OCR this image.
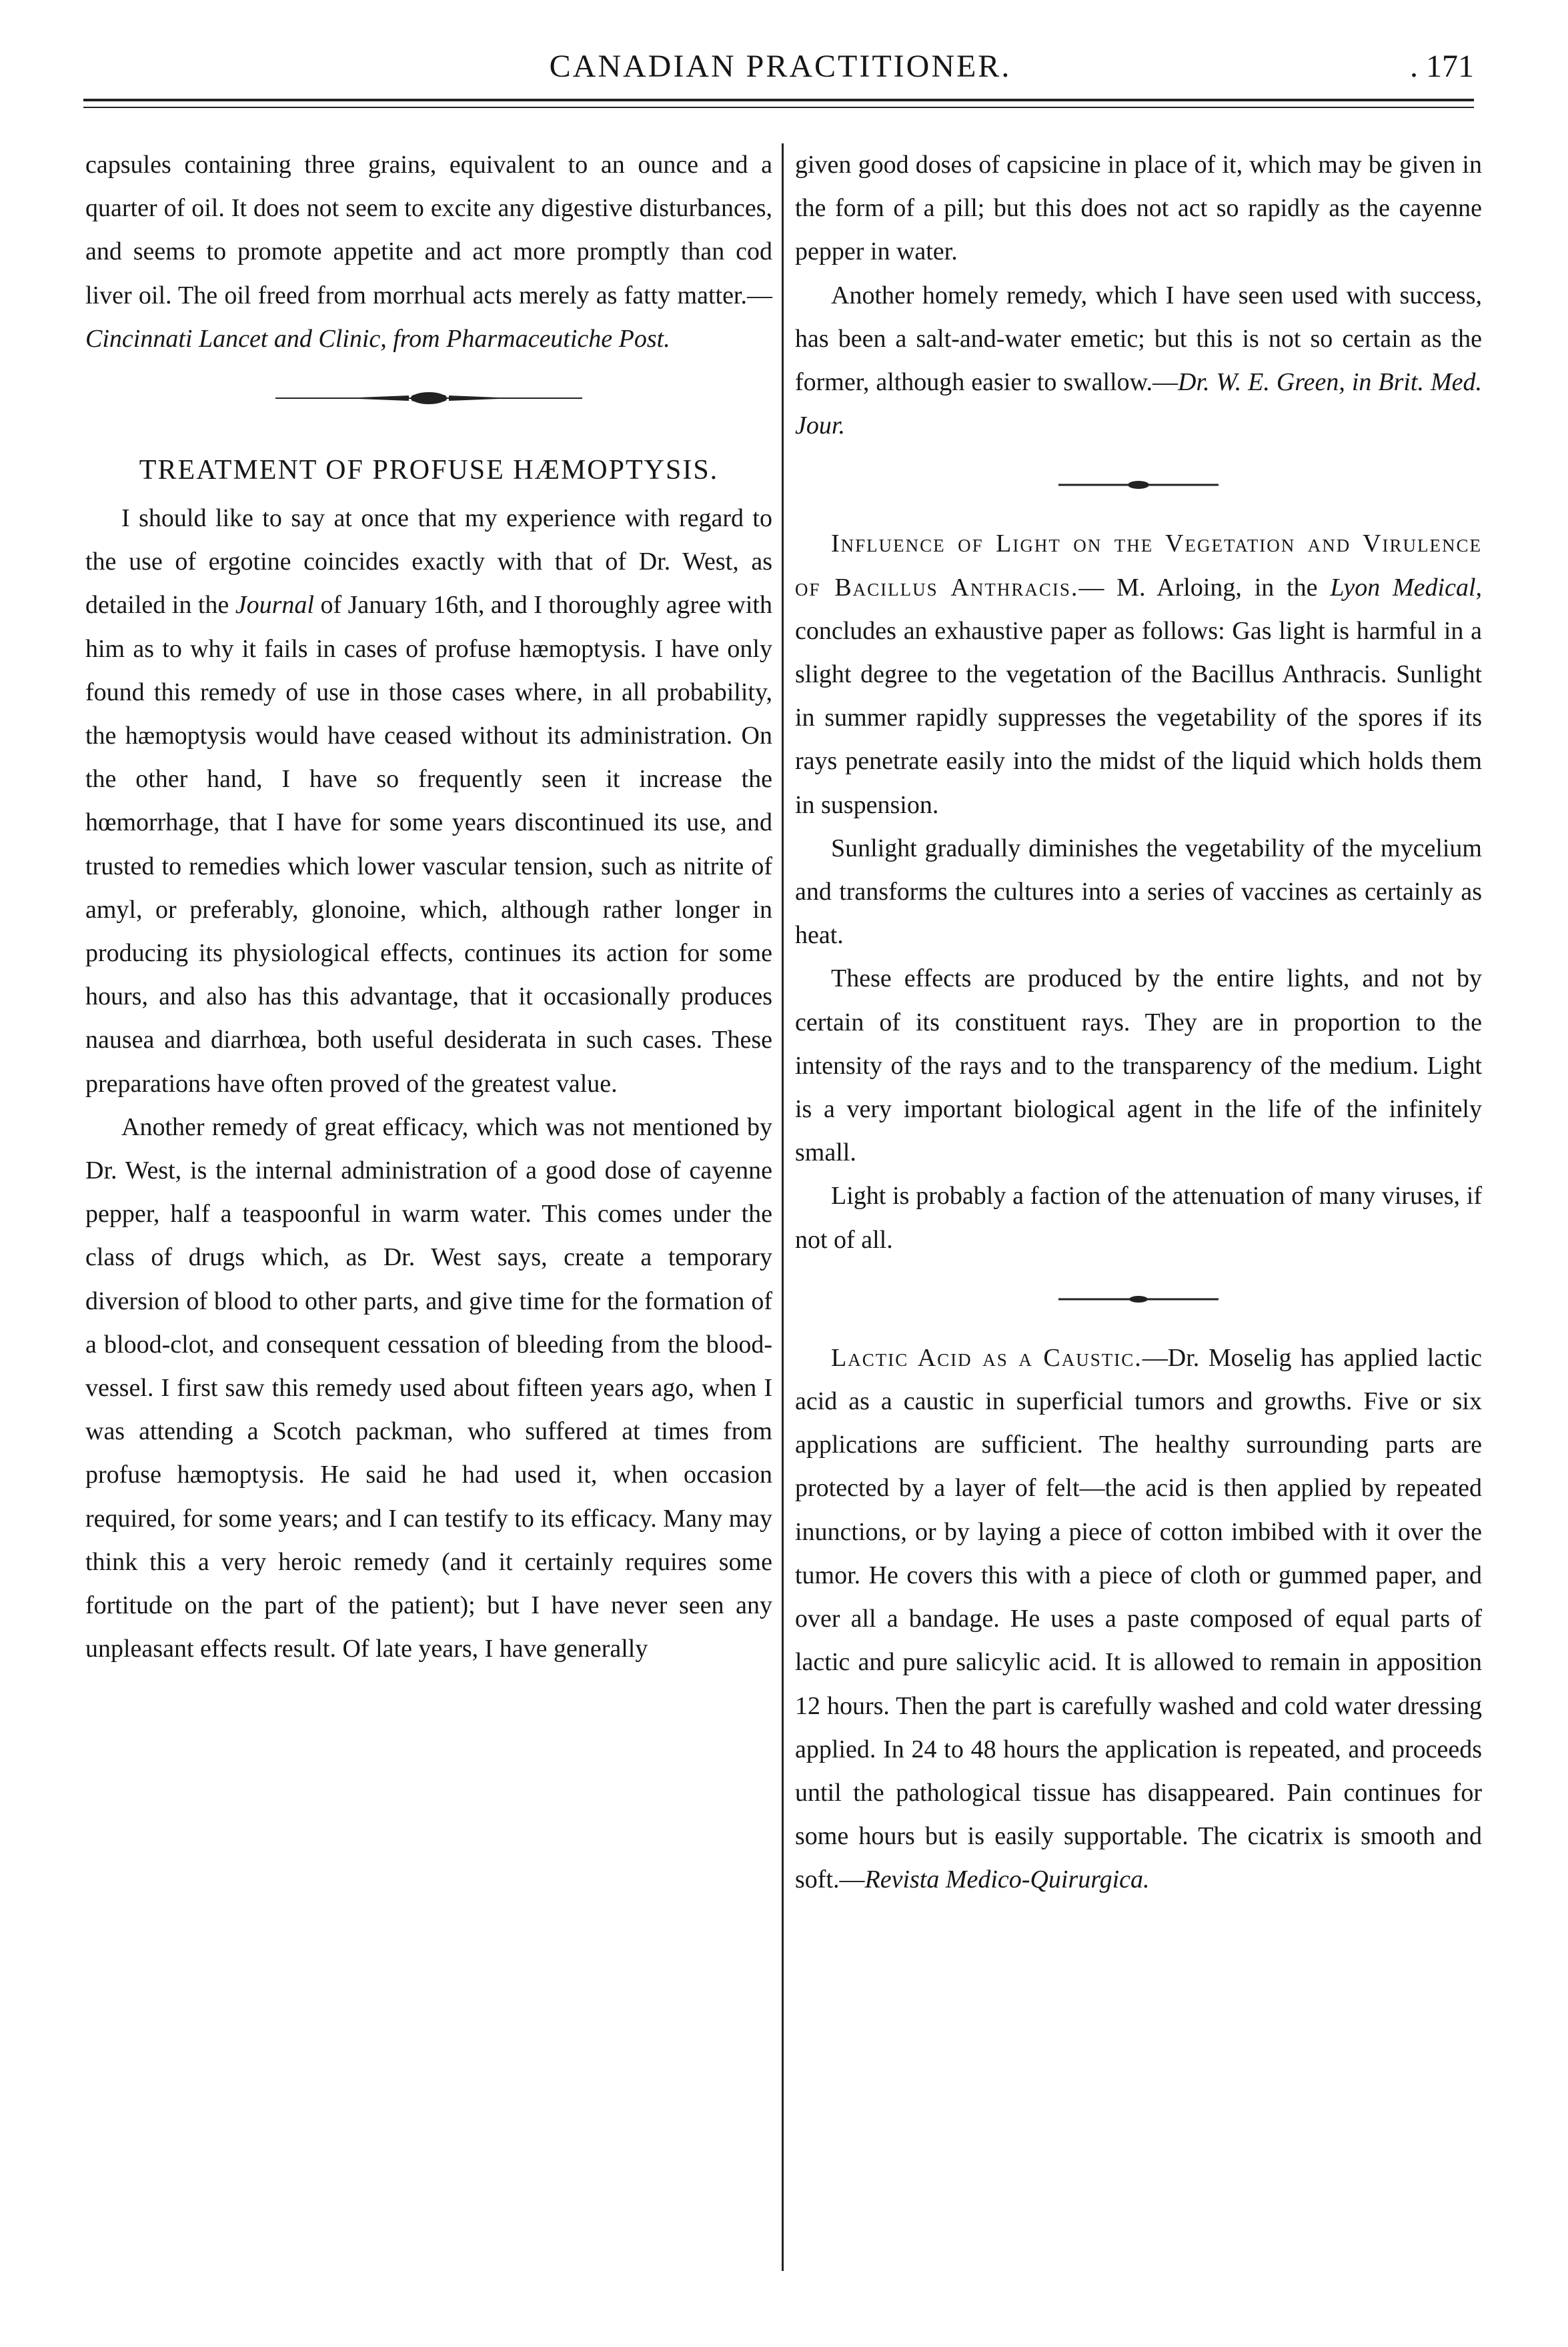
CANADIAN PRACTITIONER.	. 171

capsules containing three grains, equivalent to an ounce and a quarter of oil. It does not seem to excite any digestive disturbances, and seems to promote appetite and act more promptly than cod liver oil. The oil freed from morrhual acts merely as fatty matter.—Cincinnati Lancet and Clinic, from Pharmaceutiche Post.

TREATMENT OF PROFUSE HÆMOPTYSIS.

I should like to say at once that my experience with regard to the use of ergotine coincides exactly with that of Dr. West, as detailed in the Journal of January 16th, and I thoroughly agree with him as to why it fails in cases of profuse hæmoptysis. I have only found this remedy of use in those cases where, in all probability, the hæmoptysis would have ceased without its administration. On the other hand, I have so frequently seen it increase the hœmorrhage, that I have for some years discontinued its use, and trusted to remedies which lower vascular tension, such as nitrite of amyl, or preferably, glonoine, which, although rather longer in producing its physiological effects, continues its action for some hours, and also has this advantage, that it occasionally produces nausea and diarrhœa, both useful desiderata in such cases. These preparations have often proved of the greatest value.

Another remedy of great efficacy, which was not mentioned by Dr. West, is the internal administration of a good dose of cayenne pepper, half a teaspoonful in warm water. This comes under the class of drugs which, as Dr. West says, create a temporary diversion of blood to other parts, and give time for the formation of a blood-clot, and consequent cessation of bleeding from the blood-vessel. I first saw this remedy used about fifteen years ago, when I was attending a Scotch packman, who suffered at times from profuse hæmoptysis. He said he had used it, when occasion required, for some years; and I can testify to its efficacy. Many may think this a very heroic remedy (and it certainly requires some fortitude on the part of the patient); but I have never seen any unpleasant effects result. Of late years, I have generally

given good doses of capsicine in place of it, which may be given in the form of a pill; but this does not act so rapidly as the cayenne pepper in water.

Another homely remedy, which I have seen used with success, has been a salt-and-water emetic; but this is not so certain as the former, although easier to swallow.—Dr. W. E. Green, in Brit. Med. Jour.

Influence of Light on the Vegetation and Virulence of Bacillus Anthracis.— M. Arloing, in the Lyon Medical, concludes an exhaustive paper as follows: Gas light is harmful in a slight degree to the vegetation of the Bacillus Anthracis. Sunlight in summer rapidly suppresses the vegetability of the spores if its rays penetrate easily into the midst of the liquid which holds them in suspension.

Sunlight gradually diminishes the vegetability of the mycelium and transforms the cultures into a series of vaccines as certainly as heat.

These effects are produced by the entire lights, and not by certain of its constituent rays. They are in proportion to the intensity of the rays and to the transparency of the medium. Light is a very important biological agent in the life of the infinitely small.

Light is probably a faction of the attenuation of many viruses, if not of all.

Lactic Acid as a Caustic.—Dr. Moselig has applied lactic acid as a caustic in superficial tumors and growths. Five or six applications are sufficient. The healthy surrounding parts are protected by a layer of felt—the acid is then applied by repeated inunctions, or by laying a piece of cotton imbibed with it over the tumor. He covers this with a piece of cloth or gummed paper, and over all a bandage. He uses a paste composed of equal parts of lactic and pure salicylic acid. It is allowed to remain in apposition 12 hours. Then the part is carefully washed and cold water dressing applied. In 24 to 48 hours the application is repeated, and proceeds until the pathological tissue has disappeared. Pain continues for some hours but is easily supportable. The cicatrix is smooth and soft.—Revista Medico-Quirurgica.
